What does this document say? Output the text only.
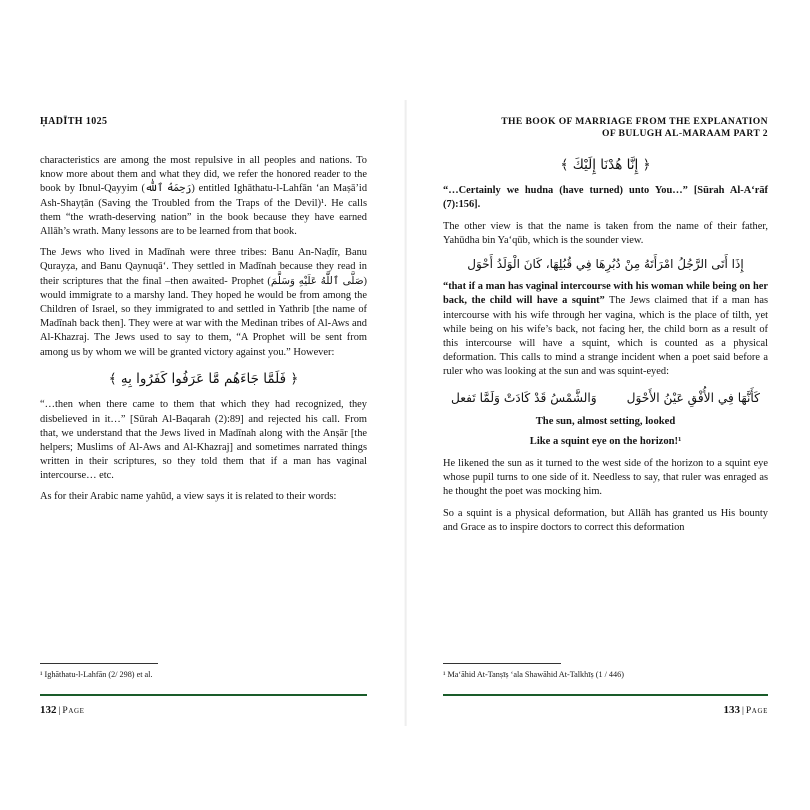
ḤADĪTH 1025

characteristics are among the most repulsive in all peoples and nations. To know more about them and what they did, we refer the honored reader to the book by Ibnul-Qayyim (رَحِمَهُ ٱللَّٰه) entitled Ighāthatu-l-Lahfān ‘an Maṣā’id Ash-Shayṭān (Saving the Troubled from the Traps of the Devil)¹. He calls them “the wrath-deserving nation” in the book because they have earned Allāh’s wrath. Many lessons are to be learned from that book.

The Jews who lived in Madīnah were three tribes: Banu An-Naḍīr, Banu Qurayẓa, and Banu Qaynuqā‘. They settled in Madīnah because they read in their scriptures that the final –then awaited- Prophet (صَلَّى ٱللَّٰهُ عَلَيْهِ وَسَلَّمَ) would immigrate to a marshy land. They hoped he would be from among the Children of Israel, so they immigrated to and settled in Yathrib [the name of Madīnah back then]. They were at war with the Medinan tribes of Al-Aws and Al-Khazraj. The Jews used to say to them, “A Prophet will be sent from among us by whom we will be granted victory against you.” However:

﴿ فَلَمَّا جَاءَهُم مَّا عَرَفُوا كَفَرُوا بِهِ ﴾

“…then when there came to them that which they had recognized, they disbelieved in it…” [Sūrah Al-Baqarah (2):89] and rejected his call. From that, we understand that the Jews lived in Madīnah along with the Anṣār [the helpers; Muslims of Al-Aws and Al-Khazraj] and sometimes narrated things written in their scriptures, so they told them that if a man has vaginal intercourse… etc.

As for their Arabic name yahūd, a view says it is related to their words:

¹ Ighāthatu-l-Lahfān (2/ 298) et al.
132 | Page
THE BOOK OF MARRIAGE FROM THE EXPLANATION
OF BULUGH AL-MARAAM PART 2
﴿ إِنَّا هُدْنَا إِلَيْكَ ﴾

“…Certainly we hudna (have turned) unto You…” [Sūrah Al-A‘rāf (7):156].

The other view is that the name is taken from the name of their father, Yahūdha bin Ya‘qūb, which is the sounder view.

إِذَا أَتَى الرَّجُلُ امْرَأَتَهُ مِنْ دُبُرِهَا فِي قُبُلِهَا، كَانَ الْوَلَدُ أَحْوَل

“that if a man has vaginal intercourse with his woman while being on her back, the child will have a squint” The Jews claimed that if a man has intercourse with his wife through her vagina, which is the place of tilth, yet while being on his wife’s back, not facing her, the child born as a result of this intercourse will have a squint, which is counted as a physical deformation. This calls to mind a strange incident when a poet said before a ruler who was looking at the sun and was squint-eyed:

وَالشَّمْسُ قَدْ كَادَتْ وَلَمَّا تَفعل كَأَنَّهَا فِي الأُفْقِ عَيْنُ الأَحْوَل
The sun, almost setting, looked
Like a squint eye on the horizon!¹

He likened the sun as it turned to the west side of the horizon to a squint eye whose pupil turns to one side of it. Needless to say, that ruler was enraged as he thought the poet was mocking him.

So a squint is a physical deformation, but Allāh has granted us His bounty and Grace as to inspire doctors to correct this deformation

¹ Ma‘āhid At-Tanṣīṣ ‘ala Shawāhid At-Talkhīṣ (1 / 446)
133 | Page
